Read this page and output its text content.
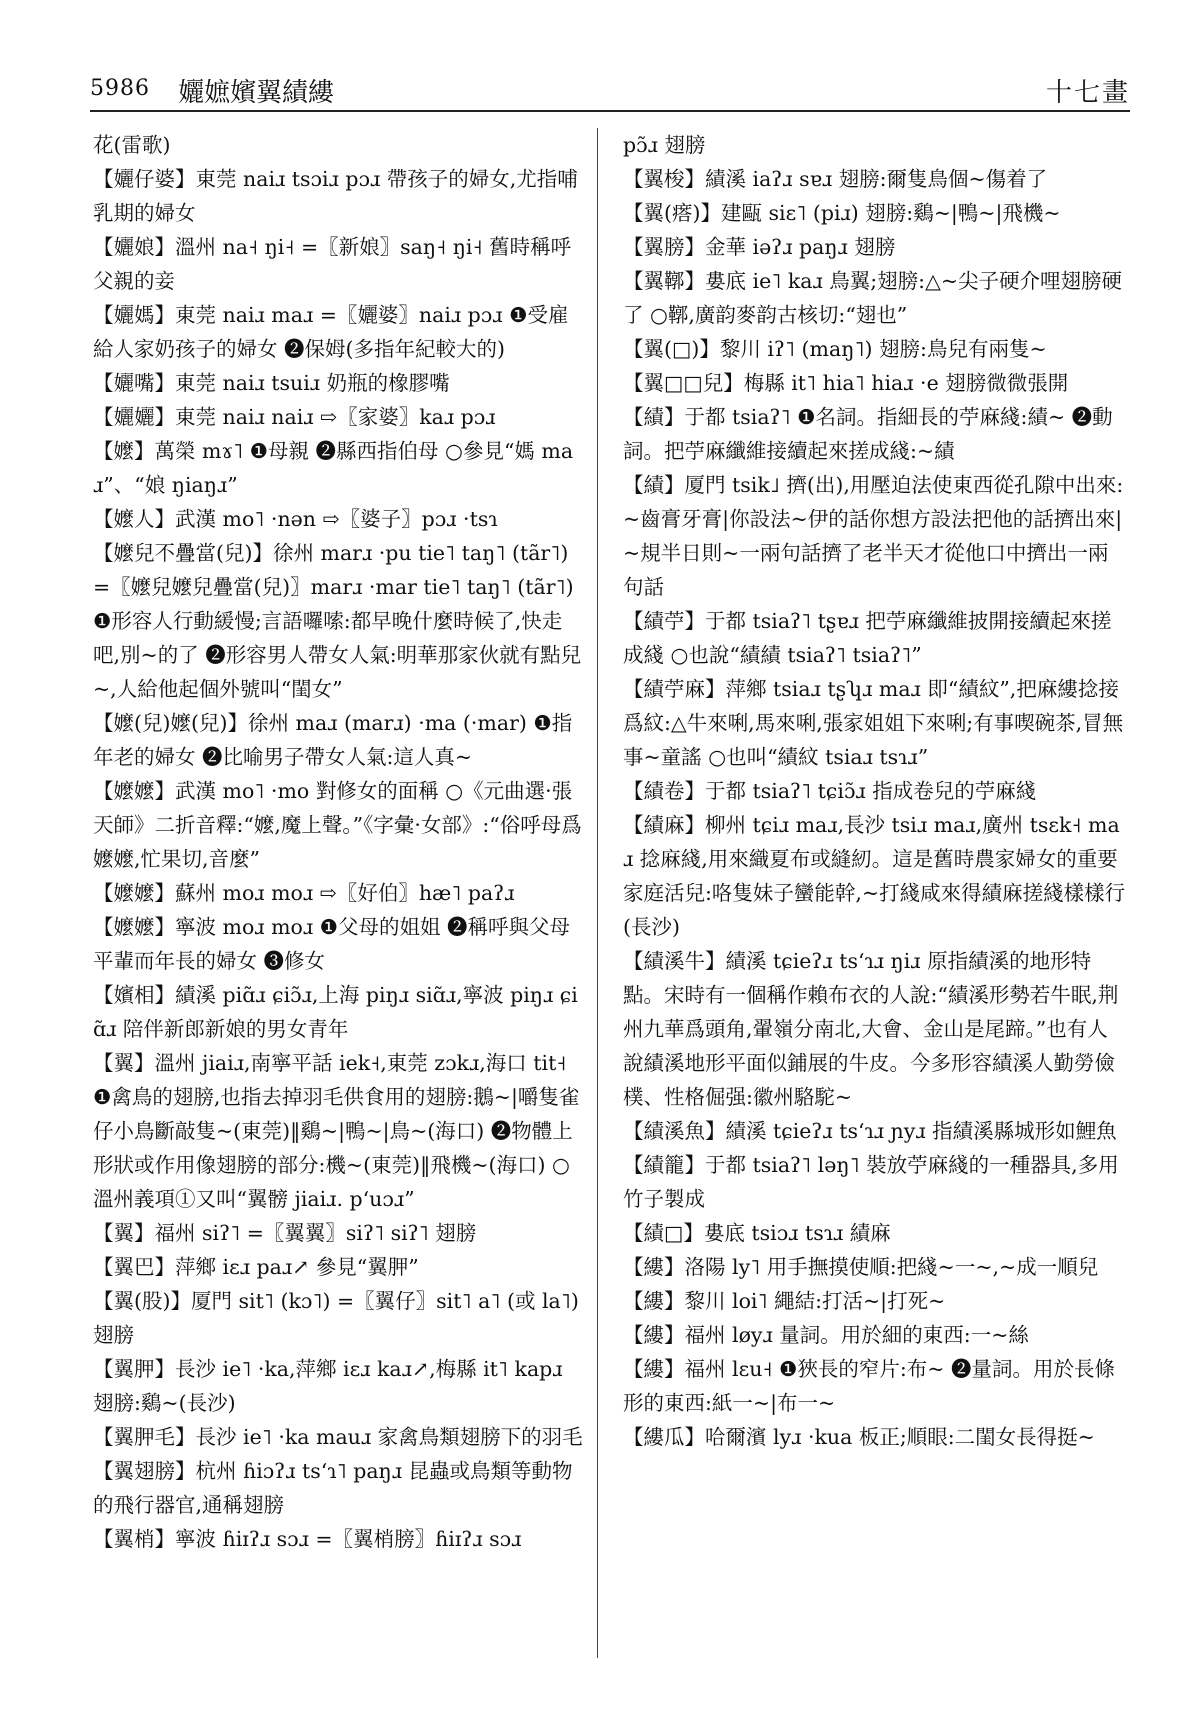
5986 孋嫬嬪翼績縷	十七畫

花(雷歌)

【孋仔婆】東莞 naiɹ tsɔiɹ pɔɹ 帶孩子的婦女,尤指哺乳期的婦女

【孋娘】溫州 na˧ ŋi˧ =〖新娘〗saŋ˧ ŋi˧ 舊時稱呼父親的妾

【孋媽】東莞 naiɹ maɹ =〖孋婆〗naiɹ pɔɹ ❶受雇給人家奶孩子的婦女 ❷保姆(多指年紀較大的)

【孋嘴】東莞 naiɹ tsuiɹ 奶瓶的橡膠嘴

【孋孋】東莞 naiɹ naiɹ ⇨〖家婆〗kaɹ pɔɹ

【嬤】萬榮 mɤ˥ ❶母親 ❷縣西指伯母 ○參見“媽 maɹ”、“娘 ŋiaŋɹ”

【嬤人】武漢 mo˥ ·nən ⇨〖婆子〗pɔɹ ·tsɿ

【嬤兒不疊當(兒)】徐州 marɹ ·pu tie˥ taŋ˥ (tãr˥) =〖嬤兒嬤兒疊當(兒)〗marɹ ·mar tie˥ taŋ˥ (tãr˥) ❶形容人行動緩慢;言語囉嗦:都早晚什麼時候了,快走吧,別~的了 ❷形容男人帶女人氣:明華那家伙就有點兒~,人給他起個外號叫“閨女”

【嬤(兒)嬤(兒)】徐州 maɹ (marɹ) ·ma (·mar) ❶指年老的婦女 ❷比喻男子帶女人氣:這人真~

【嬤嬤】武漢 mo˥ ·mo 對修女的面稱 ○《元曲選·張天師》二折音釋:“嬤,魔上聲。”《字彙·女部》:“俗呼母爲嬤嬤,忙果切,音麼”

【嬤嬤】蘇州 moɹ moɹ ⇨〖好伯〗hæ˥ paʔɹ

【嬤嬤】寧波 moɹ moɹ ❶父母的姐姐 ❷稱呼與父母平輩而年長的婦女 ❸修女

【嬪相】績溪 piɑ̃ɹ ɕiɔ̃ɹ,上海 piŋɹ siɑ̃ɹ,寧波 piŋɹ ɕiɑ̃ɹ 陪伴新郎新娘的男女青年

【翼】溫州 jiaiɹ,南寧平話 iek˧,東莞 zɔkɹ,海口 tit˧ ❶禽鳥的翅膀,也指去掉羽毛供食用的翅膀:鵝~|嚼隻雀仔小鳥斷敲隻~(東莞)‖鷄~|鴨~|鳥~(海口) ❷物體上形狀或作用像翅膀的部分:機~(東莞)‖飛機~(海口) ○溫州義項①又叫“翼髈 jiaiɹ. pʻuɔɹ”

【翼】福州 siʔ˥ =〖翼翼〗siʔ˥ siʔ˥ 翅膀

【翼巴】萍鄉 iɛɹ paɹ↗ 參見“翼胛”

【翼(股)】厦門 sit˥ (kɔ˥) =〖翼仔〗sit˥ a˥ (或 la˥) 翅膀

【翼胛】長沙 ie˥ ·ka,萍鄉 iɛɹ kaɹ↗,梅縣 it˥ kapɹ 翅膀:鷄~(長沙)

【翼胛毛】長沙 ie˥ ·ka mauɹ 家禽鳥類翅膀下的羽毛

【翼翅膀】杭州 ɦiɔʔɹ tsʻɿ˥ paŋɹ 昆蟲或鳥類等動物的飛行器官,通稱翅膀

【翼梢】寧波 ɦiɪʔɹ sɔɹ =〖翼梢膀〗ɦiɪʔɹ sɔɹ

pɔ̃ɹ 翅膀

【翼梭】績溪 iaʔɹ sɐɹ 翅膀:爾隻鳥個~傷着了

【翼(瘩)】建甌 siɛ˥ (piɹ) 翅膀:鷄~|鴨~|飛機~

【翼膀】金華 iəʔɹ paŋɹ 翅膀

【翼鞹】婁底 ie˥ kaɹ 鳥翼;翅膀:△~尖子硬介哩翅膀硬了 ○鞹,廣韵麥韵古核切:“翅也”

【翼(□)】黎川 iʔ˥ (maŋ˥) 翅膀:鳥兒有兩隻~

【翼□□兒】梅縣 it˥ hia˥ hiaɹ ·e 翅膀微微張開

【績】于都 tsiaʔ˥ ❶名詞。指細長的苧麻綫:績~ ❷動詞。把苧麻纖維接續起來搓成綫:~績

【績】厦門 tsik˩ 擠(出),用壓迫法使東西從孔隙中出來:~齒膏牙膏|你設法~伊的話你想方設法把他的話擠出來|~規半日則~一兩句話擠了老半天才從他口中擠出一兩句話

【績苧】于都 tsiaʔ˥ tʂɐɹ 把苧麻纖維披開接續起來搓成綫 ○也說“績績 tsiaʔ˥ tsiaʔ˥”

【績苧麻】萍鄉 tsiaɹ tʂʮɹ maɹ 即“績紋”,把麻縷捻接爲紋:△牛來唎,馬來唎,張家姐姐下來唎;有事喫碗茶,冒無事~童謠 ○也叫“績紋 tsiaɹ tsɿɹ”

【績卷】于都 tsiaʔ˥ tɕiɔ̃ɹ 指成卷兒的苧麻綫

【績麻】柳州 tɕiɹ maɹ,長沙 tsiɹ maɹ,廣州 tsɛk˧ maɹ 捻麻綫,用來織夏布或縫紉。這是舊時農家婦女的重要家庭活兒:咯隻妹子蠻能幹,~打綫咸來得績麻搓綫樣樣行(長沙)

【績溪牛】績溪 tɕieʔɹ tsʻɿɹ ŋiɹ 原指績溪的地形特點。宋時有一個稱作賴布衣的人說:“績溪形勢若牛眠,荆州九華爲頭角,翬嶺分南北,大會、金山是尾蹄。”也有人說績溪地形平面似鋪展的牛皮。今多形容績溪人勤勞儉樸、性格倔强:徽州駱駝~

【績溪魚】績溪 tɕieʔɹ tsʻɿɹ ɲyɹ 指績溪縣城形如鯉魚

【績籠】于都 tsiaʔ˥ ləŋ˥ 裝放苧麻綫的一種器具,多用竹子製成

【績□】婁底 tsiɔɹ tsɿɹ 績麻

【縷】洛陽 ly˥ 用手撫摸使順:把綫~一~,~成一順兒

【縷】黎川 loi˥ 繩結:打活~|打死~

【縷】福州 løyɹ 量詞。用於細的東西:一~絲

【縷】福州 lɛu˧ ❶狹長的窄片:布~ ❷量詞。用於長條形的東西:紙一~|布一~

【縷瓜】哈爾濱 lyɹ ·kua 板正;順眼:二閨女長得挺~
